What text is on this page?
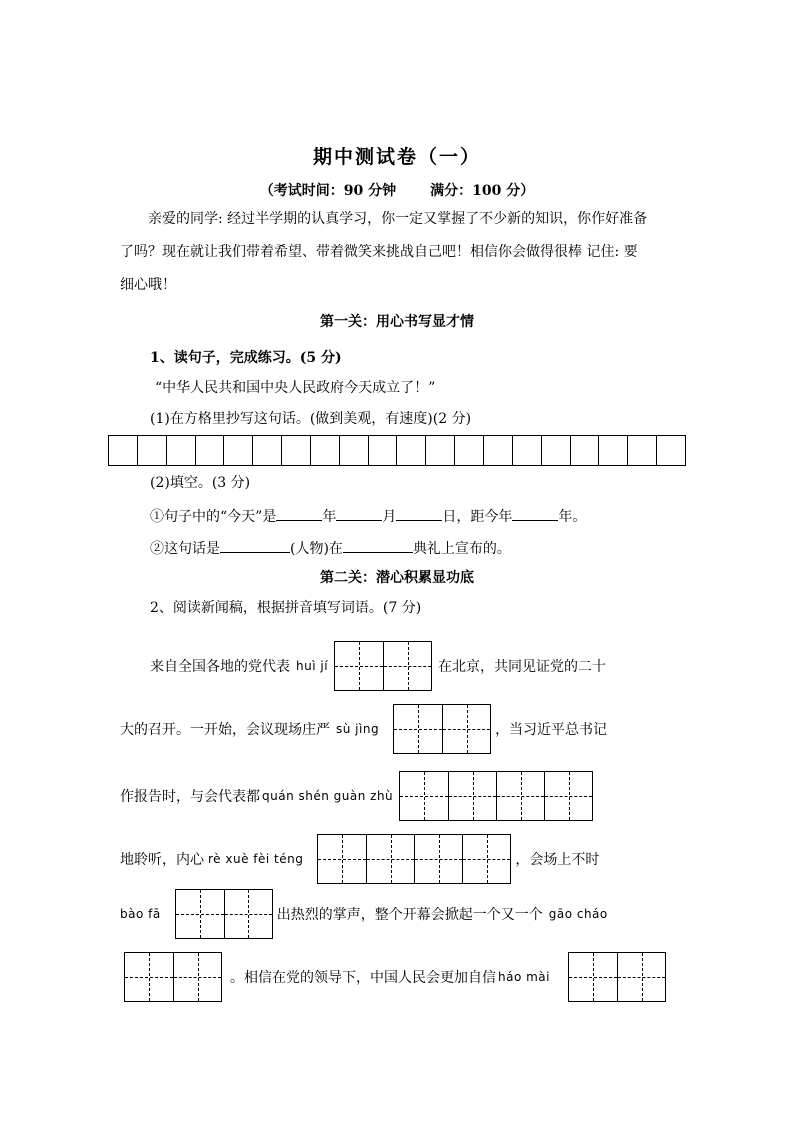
期中测试卷（一）
（考试时间：90 分钟 满分：100 分）
亲爱的同学: 经过半学期的认真学习，你一定又掌握了不少新的知识，你作好准备
了吗？现在就让我们带着希望、带着微笑来挑战自己吧！相信你会做得很棒 记住: 要
细心哦！
第一关：用心书写显才情
1、读句子，完成练习。(5 分)
“中华人民共和国中央人民政府今天成立了！”
(1)在方格里抄写这句话。(做到美观，有速度)(2 分)
(2)填空。(3 分)
①句子中的“今天”是	年	月	日，距今年	年。
②这句话是	(人物)在	典礼上宣布的。
第二关：潜心积累显功底
2、阅读新闻稿，根据拼音填写词语。(7 分)
来自全国各地的党代表 huì jí	在北京，共同见证党的二十
大的召开。一开始，会议现场庄严 sù jìng	，当习近平总书记
作报告时，与会代表都 quán shén guàn zhù
地聆听，内心 rè xuè fèi téng	，会场上不时
bào fā	出热烈的掌声，整个开幕会掀起一个又一个 gāo cháo
。相信在党的领导下，中国人民会更加自信 háo mài
